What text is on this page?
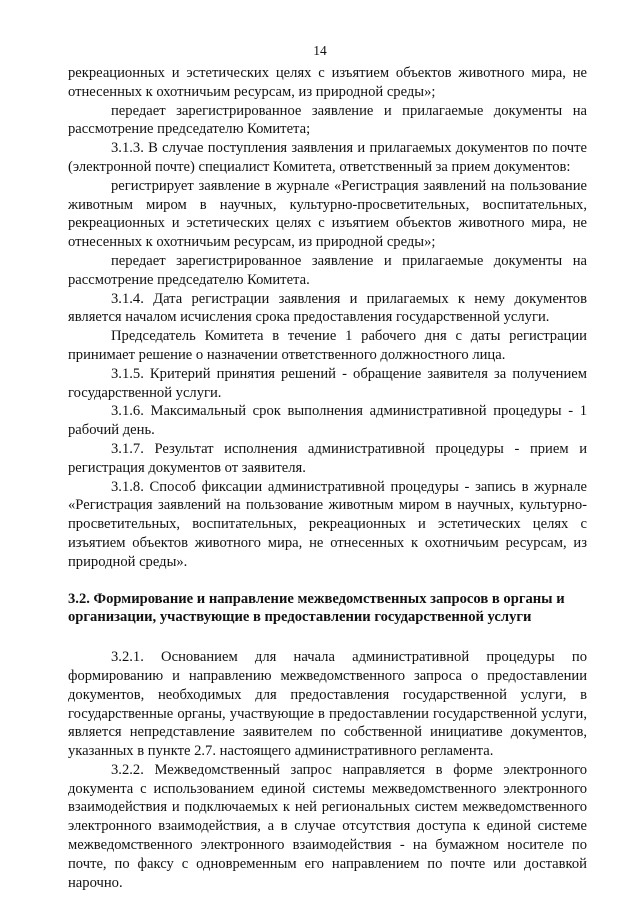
14

рекреационных и эстетических целях с изъятием объектов животного мира, не отнесенных к охотничьим ресурсам, из природной среды»;

передает зарегистрированное заявление и прилагаемые документы на рассмотрение председателю Комитета;

3.1.3. В случае поступления заявления и прилагаемых документов по почте (электронной почте) специалист Комитета, ответственный за прием документов:

регистрирует заявление в журнале «Регистрация заявлений на пользование животным миром в научных, культурно-просветительных, воспитательных, рекреационных и эстетических целях с изъятием объектов животного мира, не отнесенных к охотничьим ресурсам, из природной среды»;

передает зарегистрированное заявление и прилагаемые документы на рассмотрение председателю Комитета.

3.1.4. Дата регистрации заявления и прилагаемых к нему документов является началом исчисления срока предоставления государственной услуги.

Председатель Комитета в течение 1 рабочего дня с даты регистрации принимает решение о назначении ответственного должностного лица.

3.1.5. Критерий принятия решений - обращение заявителя за получением государственной услуги.

3.1.6. Максимальный срок выполнения административной процедуры - 1 рабочий день.

3.1.7. Результат исполнения административной процедуры - прием и регистрация документов от заявителя.

3.1.8. Способ фиксации административной процедуры - запись в журнале «Регистрация заявлений на пользование животным миром в научных, культурно-просветительных, воспитательных, рекреационных и эстетических целях с изъятием объектов животного мира, не отнесенных к охотничьим ресурсам, из природной среды».

3.2. Формирование и направление межведомственных запросов в органы и организации, участвующие в предоставлении государственной услуги

3.2.1. Основанием для начала административной процедуры по формированию и направлению межведомственного запроса о предоставлении документов, необходимых для предоставления государственной услуги, в государственные органы, участвующие в предоставлении государственной услуги, является непредставление заявителем по собственной инициативе документов, указанных в пункте 2.7. настоящего административного регламента.

3.2.2. Межведомственный запрос направляется в форме электронного документа с использованием единой системы межведомственного электронного взаимодействия и подключаемых к ней региональных систем межведомственного электронного взаимодействия, а в случае отсутствия доступа к единой системе межведомственного электронного взаимодействия - на бумажном носителе по почте, по факсу с одновременным его направлением по почте или доставкой нарочно.
